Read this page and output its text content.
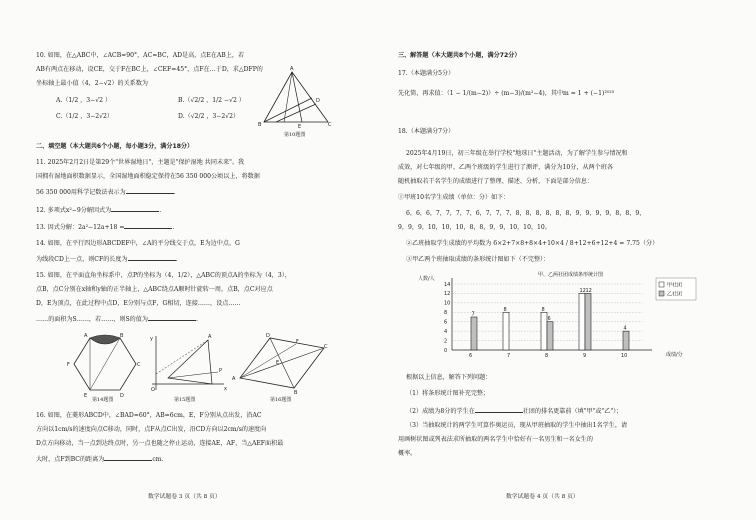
10. 如图，在△ABC中，∠ACB=90°，AC=BC，AD是高，点E在AB上，若
AB有两点在移动，设CE，交于F在BC上，∠CEF=45°，点F在…于D，求△DFP的
坐标轴上最小值（4，2−√2）的关系数为
A.（1/2 ，3−√2 ）	B.（√2/2 ，1/2 −√2 ）
C.（1/2 ，3−2√2）	D.（√2/2 ，3−2√2）
A
B	C
D
E
第10题图
二、填空题（本大题共6个小题，每小题3分，满分18分）
11. 2025年2月2日是第29个"世界湿地日"，主题是"保护湿地 共同未来"。我
国拥有湿地面积数据显示，全国湿地面积稳定保持在56 350 000公顷以上，将数据
56 350 000用科学记数法表示为	.
12. 多项式x²−9分解因式为	.
13. 因式分解：2a²−12a+18 =	.
14. 如图，在平行四边形ABCDEF中，∠A的平分线交于点，E为边中点，G
为线段CD上一点，则CF的长度为	.
15. 如图，在平面直角坐标系中，点P的坐标为（4，1/2），△ABC的顶点A的坐标为（4，3），
点B，点C分别在x轴和y轴的正半轴上，△ABC绕点A顺时针旋转一周，点B，点C对应点
D，E为顶点，在此过程中点D，E分别与点F，G相切，连接……，设点……
……的面积为S……，若……，则S的值为	.
A	B
C
D
E
F
第14题图
y
x
O
A
P
第15题图
A
D
C
B
E
F
第16题图
16. 如图，在菱形ABCD中，∠BAD=60°，AB=6cm，E，F分别从点出发，沿AC
方向以1cm/s的速度向点C移动，同时，点F从点C出发，沿CD方向以2cm/s的速度向
D点方向移动，当一点到达终点时，另一点也随之停止运动，连接AE，AF，当△AEF面积最
大时，点F到BC的距离为	cm.
数学试题卷 3 页（共 8 页）
三、解答题（本大题共8个小题，满分72分）
17.（本题满分5分）
先化简，再求值：（1 − 1/(m−2)）÷ (m−3)/(m²−4)，其中m = 1 + (−1)²⁰²⁵
18.（本题满分7分）
2025年4月19日，初三年级在举行学校"地球日"主题活动，为了解学生参与情况和
成效，对七年级的甲、乙两个班级的学生进行了测评，满分为10分，从两个班各
随机抽取若干名学生的成绩进行了整理、描述、分析，下面是部分信息：
①甲班10名学生成绩（单位：分）如下：
6，6，6，7，7，7，7，6，7，7，7，8，8，8，8，8，8，9，9，9，9，8，8，9，
9，9，9，10，10，10，8，8，9，9，10，10，10。
②乙班抽取学生成绩的平均数为 6×2+7×8+8×4+10×4 / 8+12+6+12+4 = 7.75（分）
③甲乙两个班抽取成绩的条形统计图如下（不完整）：
甲、乙两社团成绩条形统计图
人数/人
成绩/分
0
2
4
6
8
10
12
14
6	7	8	9	10
7
8	8
6
12 12
4
甲社团
乙社团
根据以上信息，解答下列问题：
（1）将条形统计图补充完整；
（2）成绩为8分的学生在	社团的排名更靠前（填"甲"或"乙"）；
（3）当抽取统计的两学生可算作奥运员，现从甲班抽取的学生中抽出1名学生，请
用画树状图或列表法求所抽取的两名学生中恰好有一名男生和一名女生的
概率。
数学试题卷 4 页（共 8 页）
